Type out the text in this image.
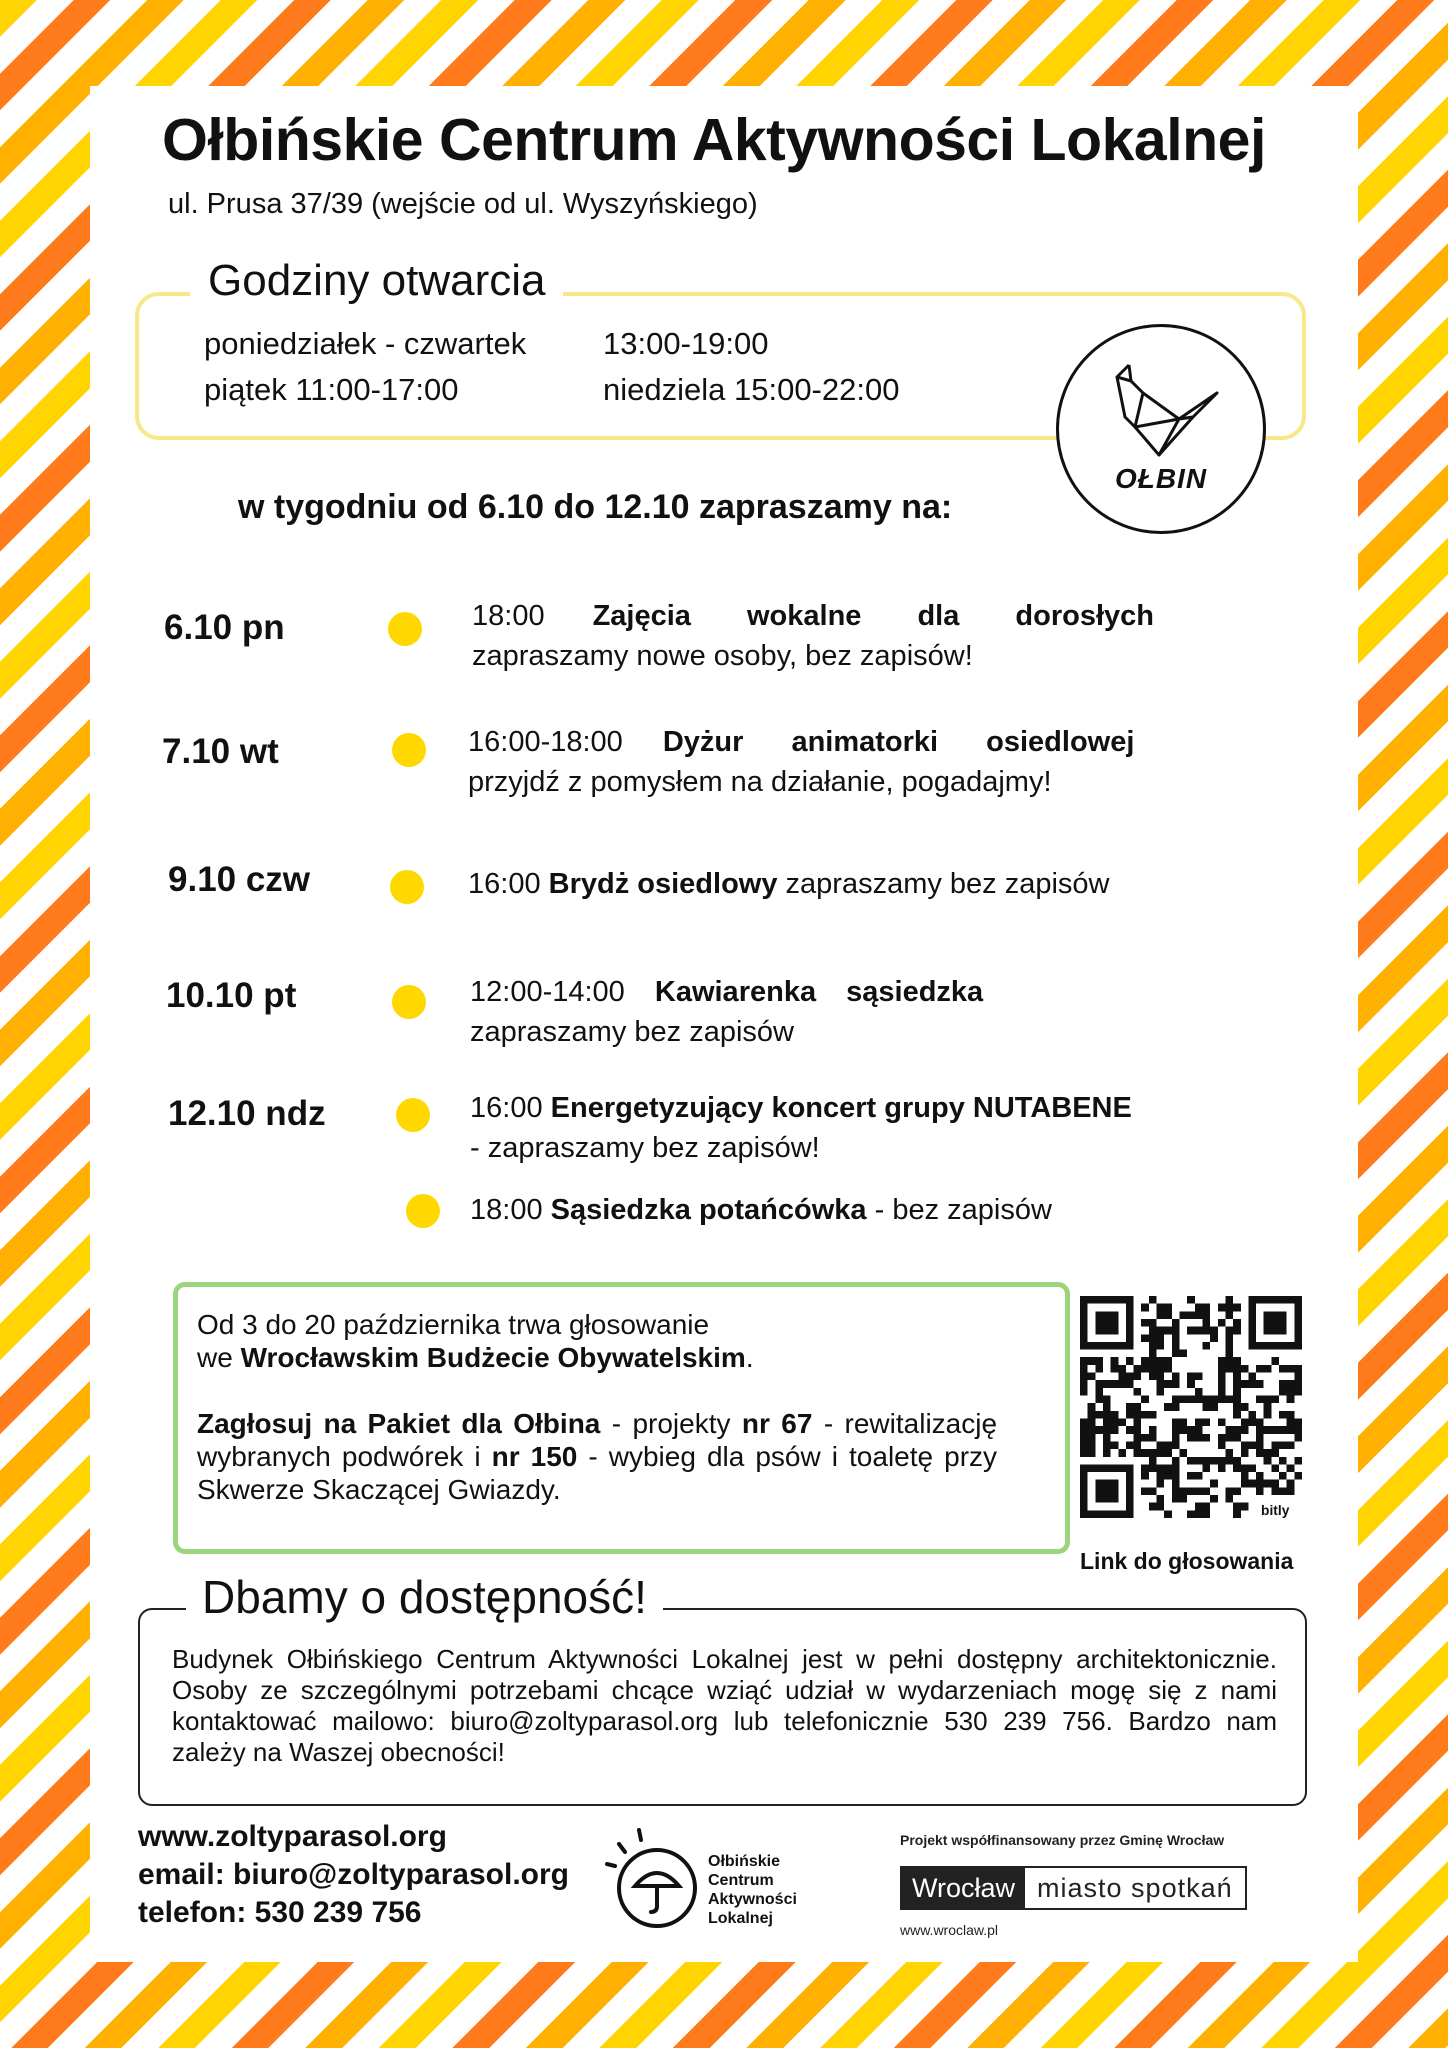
Ołbińskie Centrum Aktywności Lokalnej
ul. Prusa 37/39 (wejście od ul. Wyszyńskiego)
Godziny otwarcia
poniedziałek - czwartek 13:00-19:00
piątek 11:00-17:00	niedziela 15:00-22:00
OŁBIN
w tygodniu od 6.10 do 12.10 zapraszamy na:
6.10 pn	18:00 Zajęcia wokalne dla dorosłych
zapraszamy nowe osoby, bez zapisów!
7.10 wt	16:00-18:00 Dyżur animatorki osiedlowej
przyjdź z pomysłem na działanie, pogadajmy!
9.10 czw	16:00 Brydż osiedlowy zapraszamy bez zapisów
10.10 pt	12:00-14:00 Kawiarenka sąsiedzka
zapraszamy bez zapisów
12.10 ndz	16:00 Energetyzujący koncert grupy NUTABENE
- zapraszamy bez zapisów!
18:00 Sąsiedzka potańcówka - bez zapisów
Od 3 do 20 października trwa głosowanie
we Wrocławskim Budżecie Obywatelskim.
Zagłosuj na Pakiet dla Ołbina - projekty nr 67 - rewitalizację wybranych podwórek i nr 150 - wybieg dla psów i toaletę przy Skwerze Skaczącej Gwiazdy.
bitly
Link do głosowania
Dbamy o dostępność!
Budynek Ołbińskiego Centrum Aktywności Lokalnej jest w pełni dostępny architektonicznie. Osoby ze szczególnymi potrzebami chcące wziąć udział w wydarzeniach mogę się z nami kontaktować mailowo: biuro@zoltyparasol.org lub telefonicznie 530 239 756. Bardzo nam zależy na Waszej obecności!
www.zoltyparasol.org
email: biuro@zoltyparasol.org
telefon: 530 239 756
Ołbińskie
Centrum
Aktywności
Lokalnej
Projekt współfinansowany przez Gminę Wrocław
Wrocław miasto spotkań
www.wroclaw.pl
